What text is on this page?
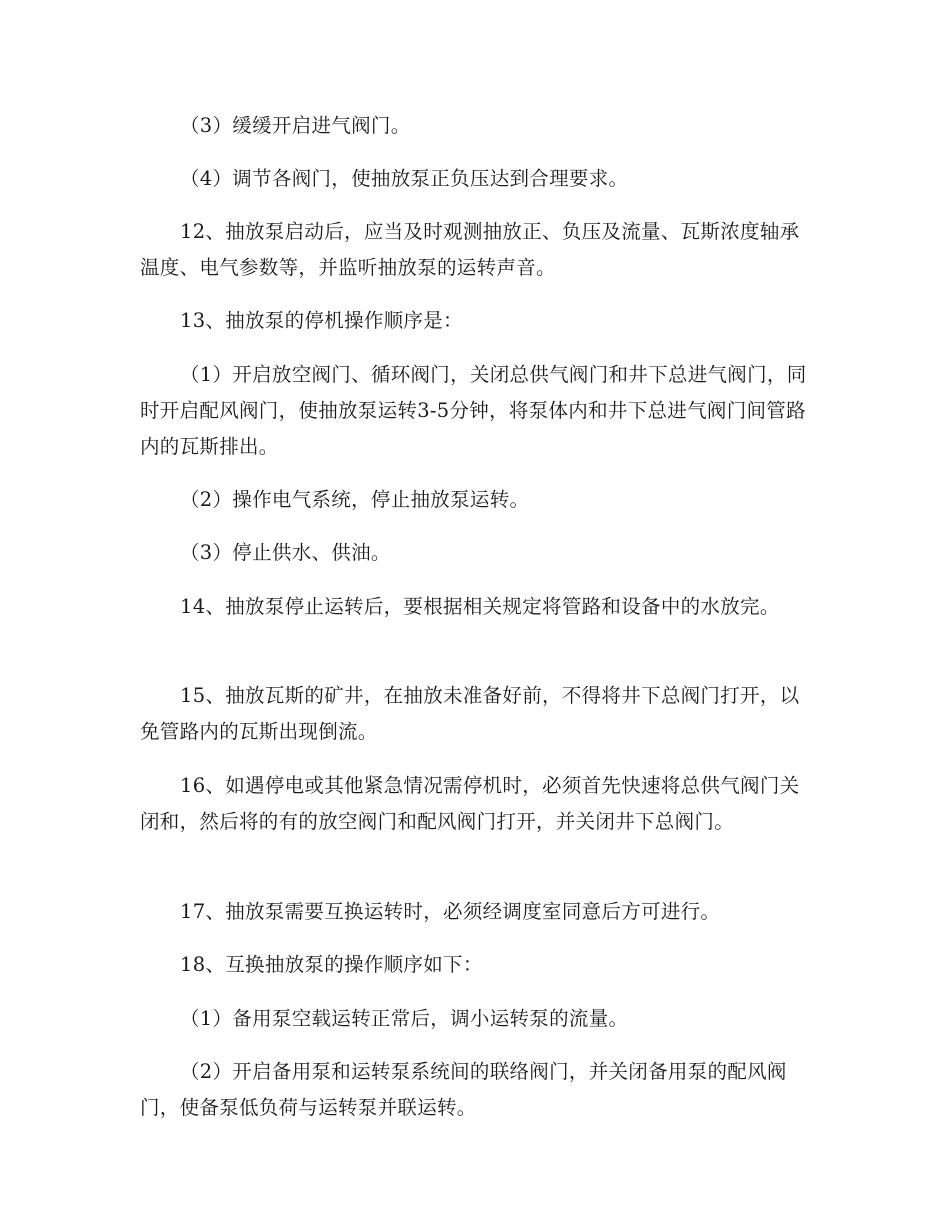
（3）缓缓开启进气阀门。

（4）调节各阀门，使抽放泵正负压达到合理要求。

12、抽放泵启动后，应当及时观测抽放正、负压及流量、瓦斯浓度轴承温度、电气参数等，并监听抽放泵的运转声音。

13、抽放泵的停机操作顺序是：

（1）开启放空阀门、循环阀门，关闭总供气阀门和井下总进气阀门，同时开启配风阀门，使抽放泵运转3-5分钟，将泵体内和井下总进气阀门间管路内的瓦斯排出。

（2）操作电气系统，停止抽放泵运转。

（3）停止供水、供油。

14、抽放泵停止运转后，要根据相关规定将管路和设备中的水放完。

15、抽放瓦斯的矿井，在抽放未准备好前，不得将井下总阀门打开，以免管路内的瓦斯出现倒流。

16、如遇停电或其他紧急情况需停机时，必须首先快速将总供气阀门关闭和，然后将的有的放空阀门和配风阀门打开，并关闭井下总阀门。

17、抽放泵需要互换运转时，必须经调度室同意后方可进行。

18、互换抽放泵的操作顺序如下：

（1）备用泵空载运转正常后，调小运转泵的流量。

（2）开启备用泵和运转泵系统间的联络阀门，并关闭备用泵的配风阀门，使备泵低负荷与运转泵并联运转。
